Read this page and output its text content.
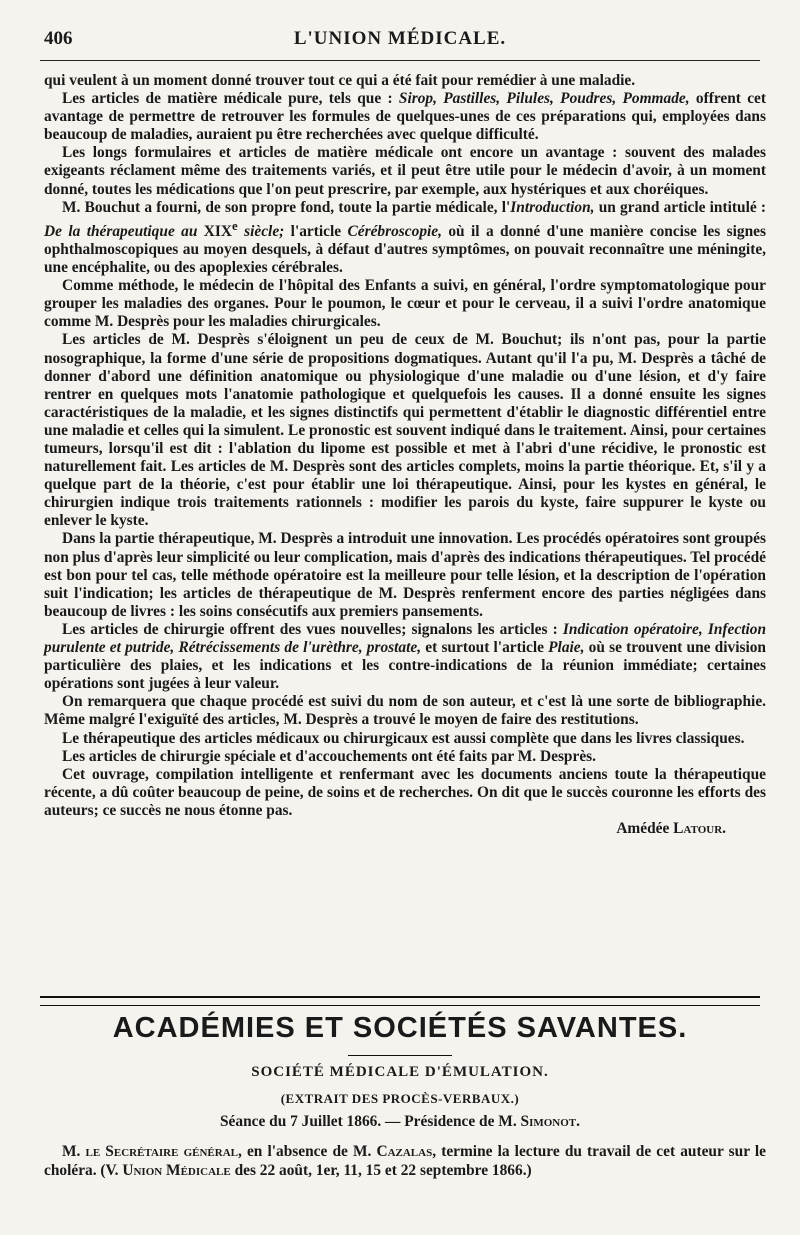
406	L'UNION MÉDICALE.

qui veulent à un moment donné trouver tout ce qui a été fait pour remédier à une maladie.

Les articles de matière médicale pure, tels que : Sirop, Pastilles, Pilules, Poudres, Pommade, offrent cet avantage de permettre de retrouver les formules de quelques-unes de ces préparations qui, employées dans beaucoup de maladies, auraient pu être recherchées avec quelque difficulté.

Les longs formulaires et articles de matière médicale ont encore un avantage : souvent des malades exigeants réclament même des traitements variés, et il peut être utile pour le médecin d'avoir, à un moment donné, toutes les médications que l'on peut prescrire, par exemple, aux hystériques et aux choréiques.

M. Bouchut a fourni, de son propre fond, toute la partie médicale, l'Introduction, un grand article intitulé : De la thérapeutique au XIXe siècle; l'article Cérébroscopie, où il a donné d'une manière concise les signes ophthalmoscopiques au moyen desquels, à défaut d'autres symptômes, on pouvait reconnaître une méningite, une encéphalite, ou des apoplexies cérébrales.

Comme méthode, le médecin de l'hôpital des Enfants a suivi, en général, l'ordre symptomatologique pour grouper les maladies des organes. Pour le poumon, le cœur et pour le cerveau, il a suivi l'ordre anatomique comme M. Desprès pour les maladies chirurgicales.

Les articles de M. Desprès s'éloignent un peu de ceux de M. Bouchut; ils n'ont pas, pour la partie nosographique, la forme d'une série de propositions dogmatiques. Autant qu'il l'a pu, M. Desprès a tâché de donner d'abord une définition anatomique ou physiologique d'une maladie ou d'une lésion, et d'y faire rentrer en quelques mots l'anatomie pathologique et quelquefois les causes. Il a donné ensuite les signes caractéristiques de la maladie, et les signes distinctifs qui permettent d'établir le diagnostic différentiel entre une maladie et celles qui la simulent. Le pronostic est souvent indiqué dans le traitement. Ainsi, pour certaines tumeurs, lorsqu'il est dit : l'ablation du lipome est possible et met à l'abri d'une récidive, le pronostic est naturellement fait. Les articles de M. Desprès sont des articles complets, moins la partie théorique. Et, s'il y a quelque part de la théorie, c'est pour établir une loi thérapeutique. Ainsi, pour les kystes en général, le chirurgien indique trois traitements rationnels : modifier les parois du kyste, faire suppurer le kyste ou enlever le kyste.

Dans la partie thérapeutique, M. Desprès a introduit une innovation. Les procédés opératoires sont groupés non plus d'après leur simplicité ou leur complication, mais d'après des indications thérapeutiques. Tel procédé est bon pour tel cas, telle méthode opératoire est la meilleure pour telle lésion, et la description de l'opération suit l'indication; les articles de thérapeutique de M. Desprès renferment encore des parties négligées dans beaucoup de livres : les soins consécutifs aux premiers pansements.

Les articles de chirurgie offrent des vues nouvelles; signalons les articles : Indication opératoire, Infection purulente et putride, Rétrécissements de l'urèthre, prostate, et surtout l'article Plaie, où se trouvent une division particulière des plaies, et les indications et les contre-indications de la réunion immédiate; certaines opérations sont jugées à leur valeur.

On remarquera que chaque procédé est suivi du nom de son auteur, et c'est là une sorte de bibliographie. Même malgré l'exiguïté des articles, M. Desprès a trouvé le moyen de faire des restitutions.

Le thérapeutique des articles médicaux ou chirurgicaux est aussi complète que dans les livres classiques.

Les articles de chirurgie spéciale et d'accouchements ont été faits par M. Desprès.

Cet ouvrage, compilation intelligente et renfermant avec les documents anciens toute la thérapeutique récente, a dû coûter beaucoup de peine, de soins et de recherches. On dit que le succès couronne les efforts des auteurs; ce succès ne nous étonne pas.

Amédée Latour.
ACADÉMIES ET SOCIÉTÉS SAVANTES.
SOCIÉTÉ MÉDICALE D'ÉMULATION.
(EXTRAIT DES PROCÈS-VERBAUX.)
Séance du 7 Juillet 1866. — Présidence de M. Simonot.

M. le Secrétaire général, en l'absence de M. Cazalas, termine la lecture du travail de cet auteur sur le choléra. (V. Union Médicale des 22 août, 1er, 11, 15 et 22 septembre 1866.)
